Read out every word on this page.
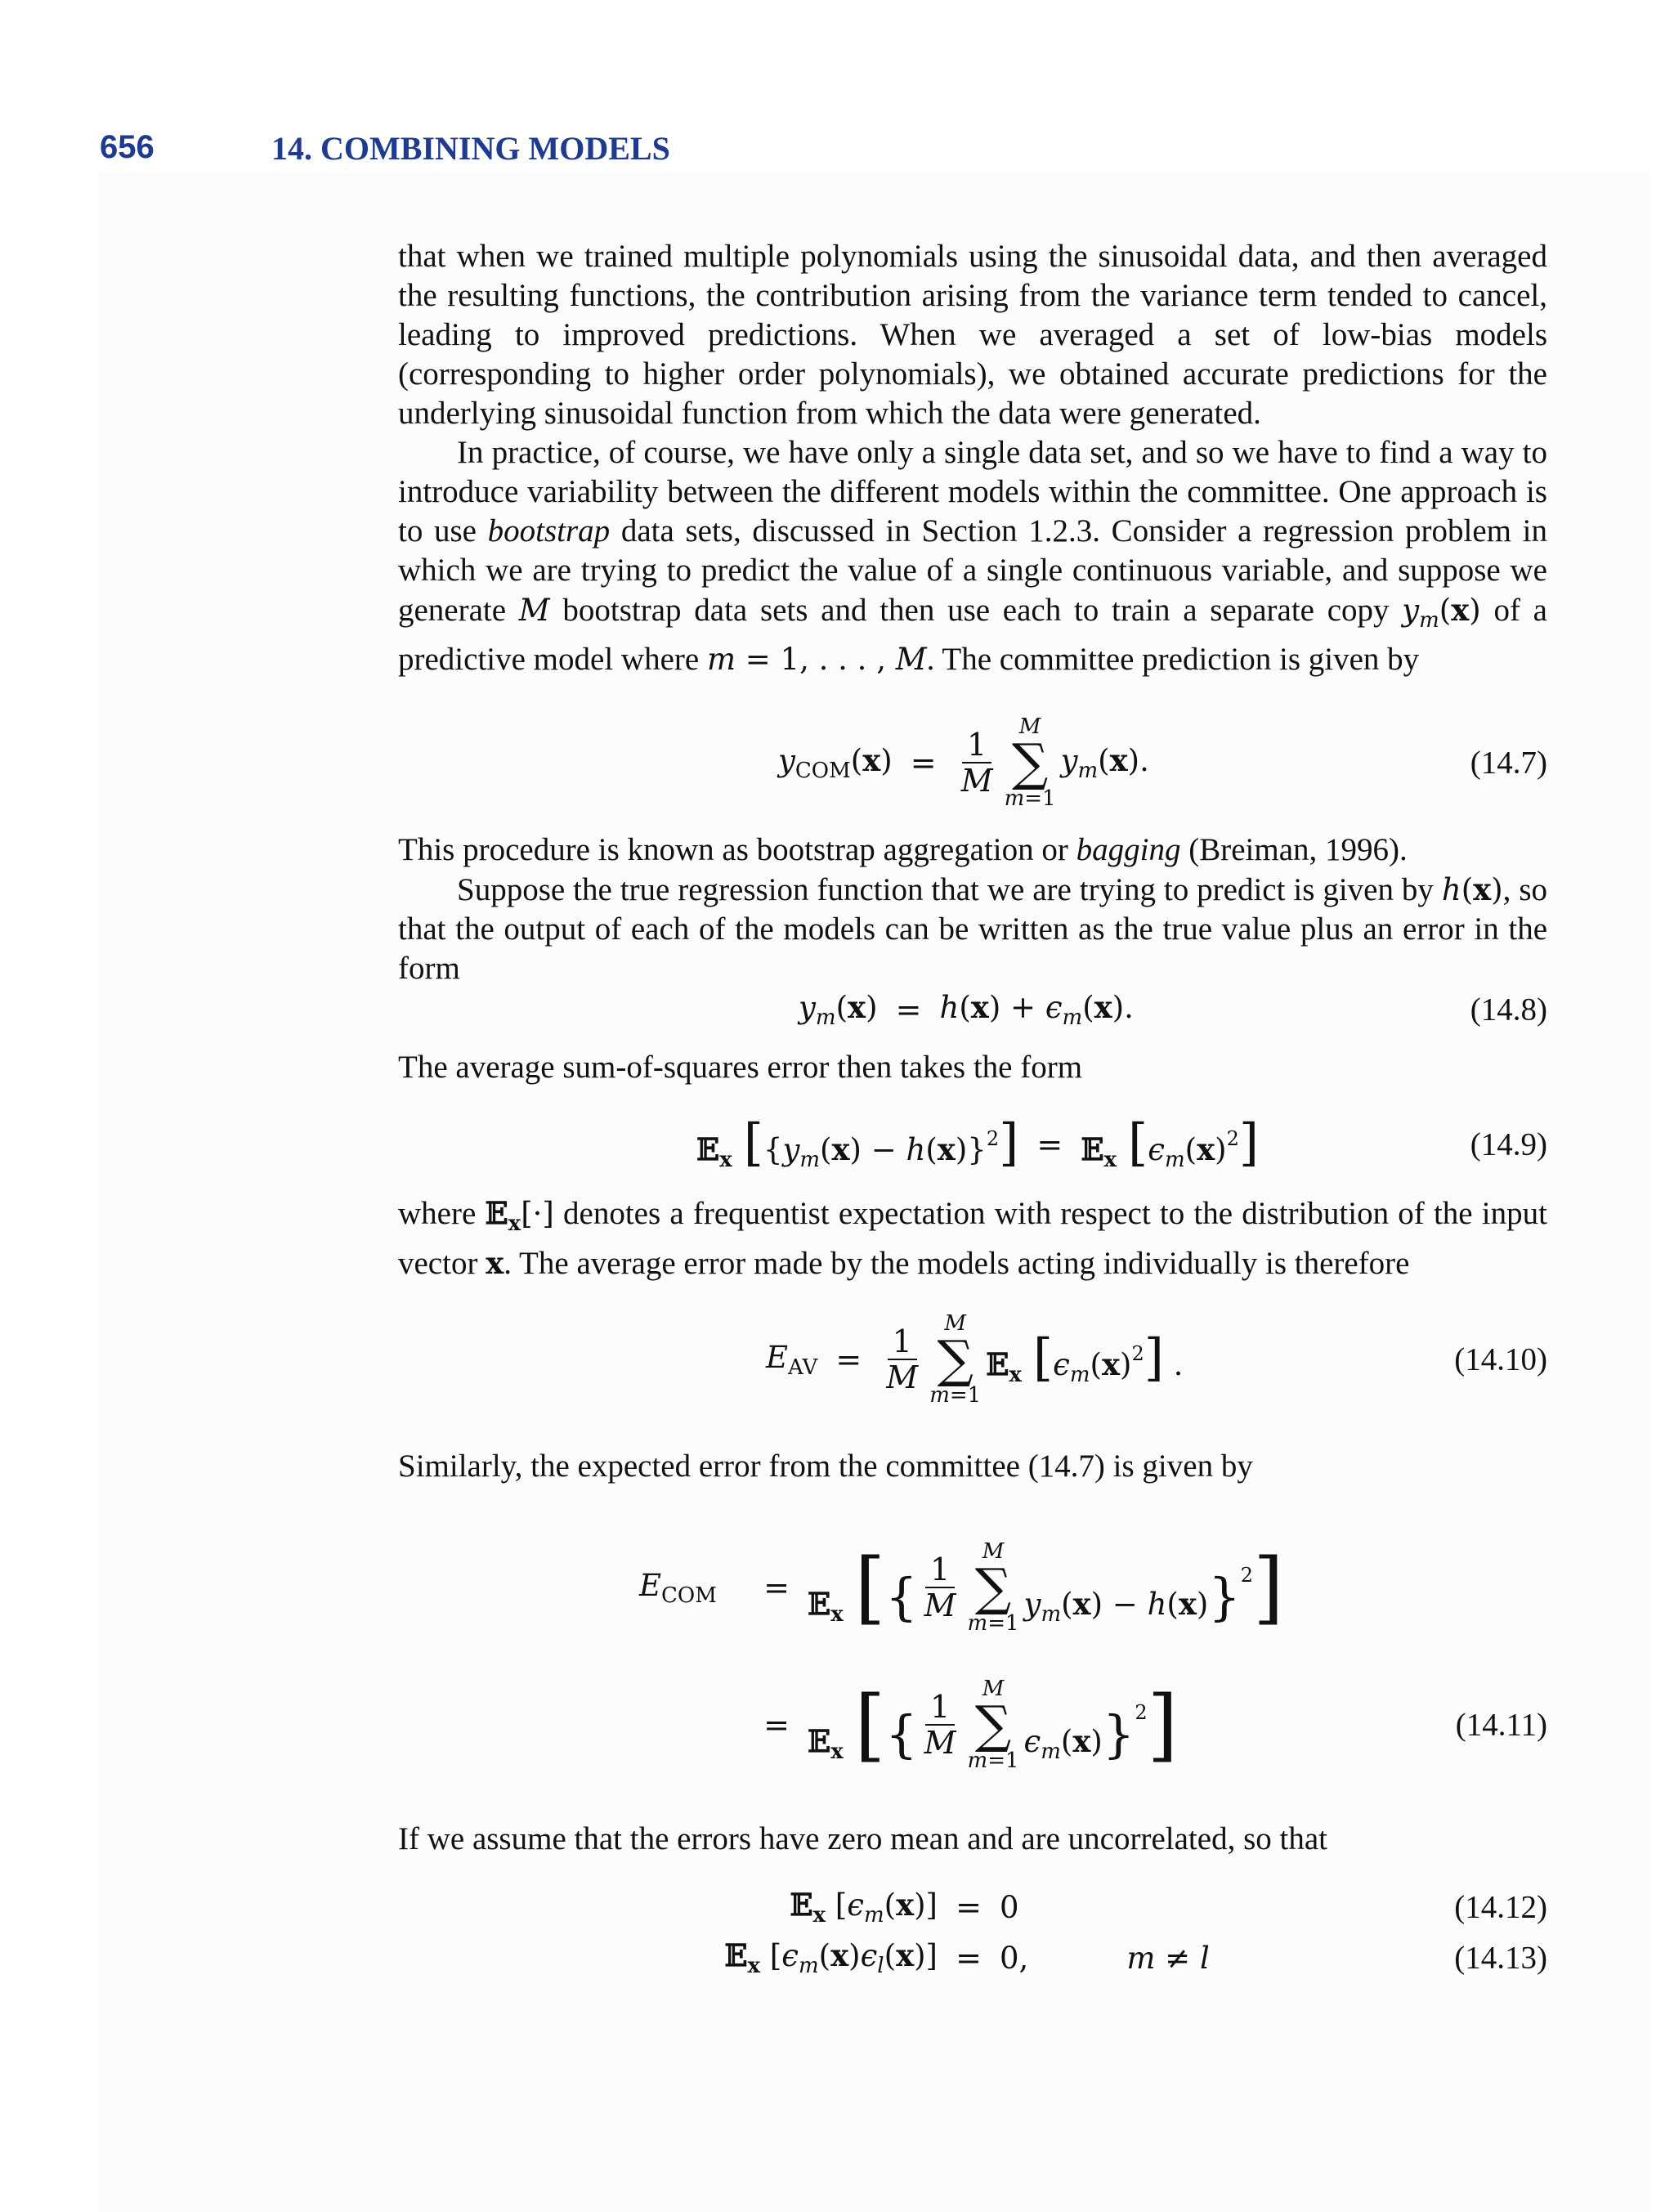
656	14. COMBINING MODELS

that when we trained multiple polynomials using the sinusoidal data, and then averaged the resulting functions, the contribution arising from the variance term tended to cancel, leading to improved predictions. When we averaged a set of low-bias models (corresponding to higher order polynomials), we obtained accurate predictions for the underlying sinusoidal function from which the data were generated.

In practice, of course, we have only a single data set, and so we have to find a way to introduce variability between the different models within the committee. One approach is to use bootstrap data sets, discussed in Section 1.2.3. Consider a regression problem in which we are trying to predict the value of a single continuous variable, and suppose we generate M bootstrap data sets and then use each to train a separate copy $y_m(x)$ of a predictive model where m = 1, . . . , M. The committee prediction is given by

$y_{COM}(x) = \frac{1}{M}$
M
∑
m=1
$y_m(x)$.	(14.7)

This procedure is known as bootstrap aggregation or bagging (Breiman, 1996).

Suppose the true regression function that we are trying to predict is given by h(x), so that the output of each of the models can be written as the true value plus an error in the form

$y_m(x) = h(x) + \epsilon_m(x)$.	(14.8)

The average sum-of-squares error then takes the form

𝔼$_x$ $[\{y_m(x) - h(x)\}^2]$ = 𝔼$_x$ $[\epsilon_m(x)^2]$	(14.9)

where 𝔼$_x$[·] denotes a frequentist expectation with respect to the distribution of the input vector x. The average error made by the models acting individually is therefore

$E_{AV} = \frac{1}{M}$
M
∑
m=1
𝔼$_x$ $[\epsilon_m(x)^2]$ .	(14.10)

Similarly, the expected error from the committee (14.7) is given by

$E_{COM}$	= 𝔼$_x$ [{ $\frac{1}{M}$
M
∑
m=1
$y_m(x) - h(x)\}^2$]
= 𝔼$_x$ [{ $\frac{1}{M}$
M
∑
m=1
$\epsilon_m(x)\}^2$]	(14.11)

If we assume that the errors have zero mean and are uncorrelated, so that

𝔼$_x$ $[\epsilon_m(x)] = 0$	(14.12)
𝔼$_x$ $[\epsilon_m(x)\epsilon_l(x)] = 0$,	m ≠ l	(14.13)
